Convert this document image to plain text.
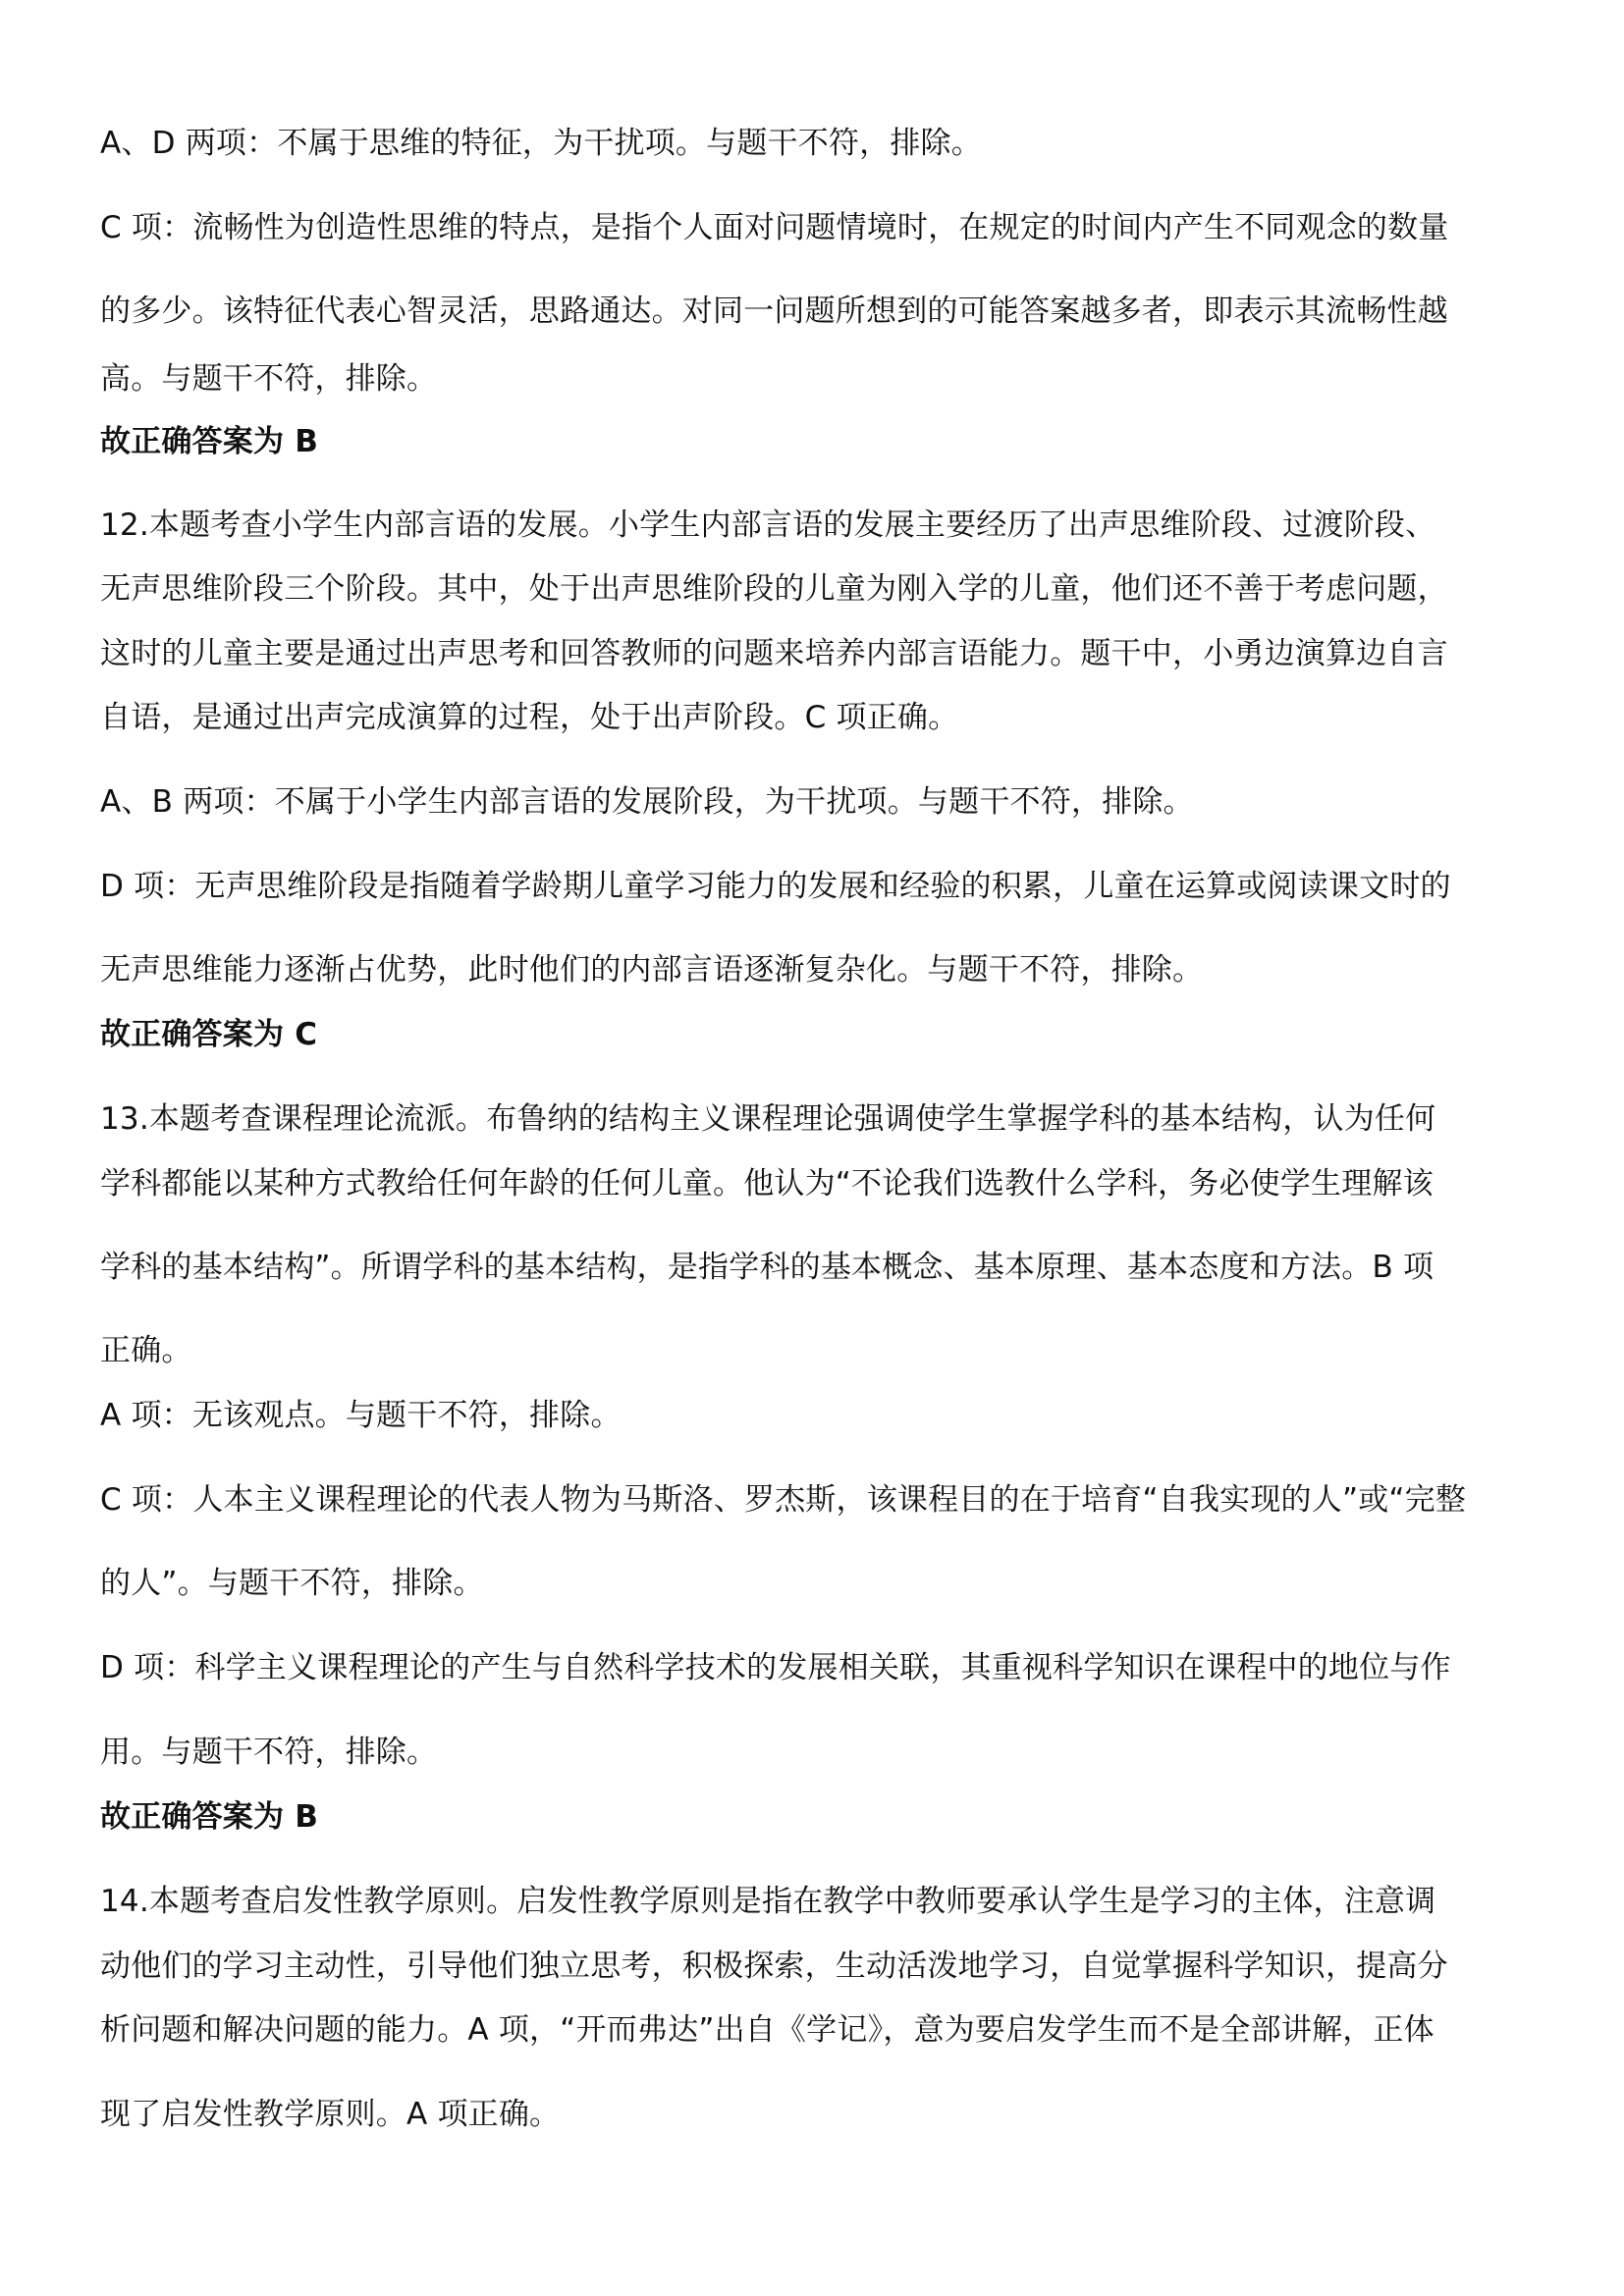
A、D 两项：不属于思维的特征，为干扰项。与题干不符，排除。
C 项：流畅性为创造性思维的特点，是指个人面对问题情境时，在规定的时间内产生不同观念的数量
的多少。该特征代表心智灵活，思路通达。对同一问题所想到的可能答案越多者，即表示其流畅性越
高。与题干不符，排除。
故正确答案为 B
12.本题考查小学生内部言语的发展。小学生内部言语的发展主要经历了出声思维阶段、过渡阶段、
无声思维阶段三个阶段。其中，处于出声思维阶段的儿童为刚入学的儿童，他们还不善于考虑问题，
这时的儿童主要是通过出声思考和回答教师的问题来培养内部言语能力。题干中，小勇边演算边自言
自语，是通过出声完成演算的过程，处于出声阶段。C 项正确。
A、B 两项：不属于小学生内部言语的发展阶段，为干扰项。与题干不符，排除。
D 项：无声思维阶段是指随着学龄期儿童学习能力的发展和经验的积累，儿童在运算或阅读课文时的
无声思维能力逐渐占优势，此时他们的内部言语逐渐复杂化。与题干不符，排除。
故正确答案为 C
13.本题考查课程理论流派。布鲁纳的结构主义课程理论强调使学生掌握学科的基本结构，认为任何
学科都能以某种方式教给任何年龄的任何儿童。他认为“不论我们选教什么学科，务必使学生理解该
学科的基本结构”。所谓学科的基本结构，是指学科的基本概念、基本原理、基本态度和方法。B 项
正确。
A 项：无该观点。与题干不符，排除。
C 项：人本主义课程理论的代表人物为马斯洛、罗杰斯，该课程目的在于培育“自我实现的人”或“完整
的人”。与题干不符，排除。
D 项：科学主义课程理论的产生与自然科学技术的发展相关联，其重视科学知识在课程中的地位与作
用。与题干不符，排除。
故正确答案为 B
14.本题考查启发性教学原则。启发性教学原则是指在教学中教师要承认学生是学习的主体，注意调
动他们的学习主动性，引导他们独立思考，积极探索，生动活泼地学习，自觉掌握科学知识，提高分
析问题和解决问题的能力。A 项，“开而弗达”出自《学记》，意为要启发学生而不是全部讲解，正体
现了启发性教学原则。A 项正确。
